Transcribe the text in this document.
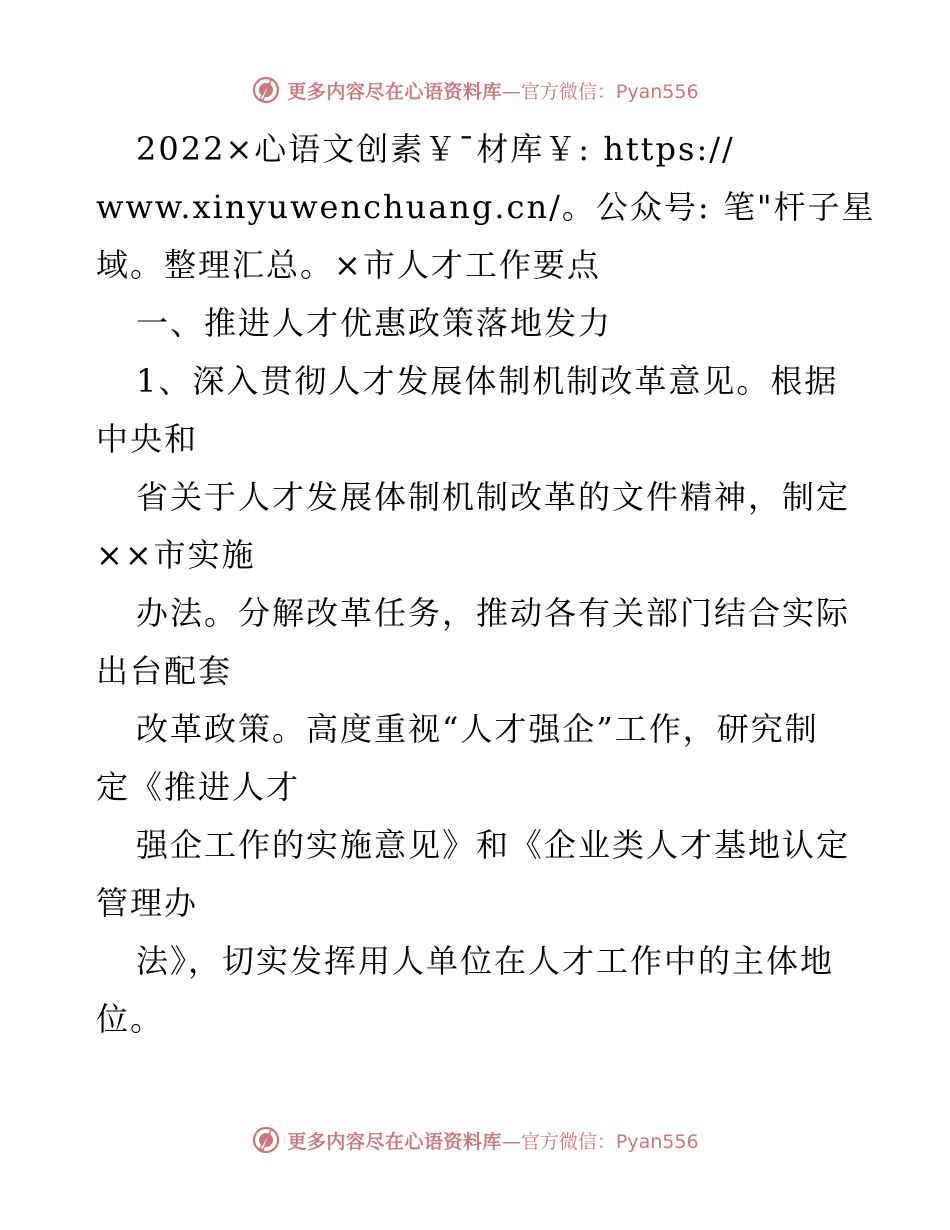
更多内容尽在心语资料库 —官方微信：Pyan556
2022×心语文创素￥¯材库￥: https://
www.xinyuwenchuang.cn/。公众号: 笔"杆子星
域。整理汇总。×市人才工作要点
一、推进人才优惠政策落地发力
1、深入贯彻人才发展体制机制改革意见。根据
中央和
省关于人才发展体制机制改革的文件精神，制定
××市实施
办法。分解改革任务，推动各有关部门结合实际
出台配套
改革政策。高度重视“人才强企”工作，研究制
定《推进人才
强企工作的实施意见》和《企业类人才基地认定
管理办
法》，切实发挥用人单位在人才工作中的主体地
位。
更多内容尽在心语资料库 —官方微信：Pyan556
